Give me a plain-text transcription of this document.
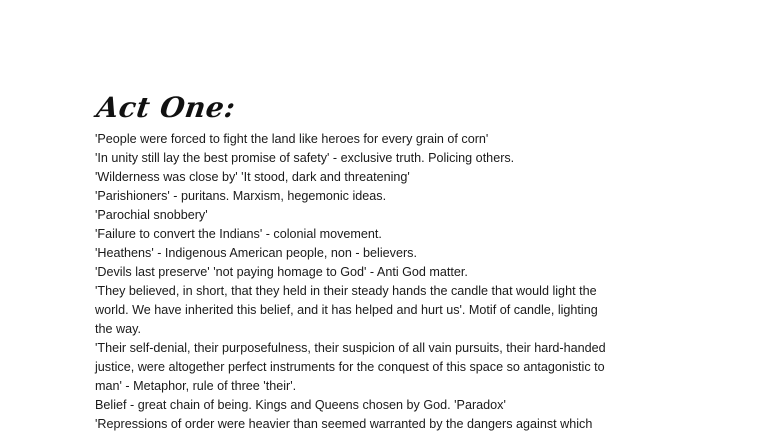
Act One:
'People were forced to fight the land like heroes for every grain of corn'
'In unity still lay the best promise of safety' - exclusive truth. Policing others.
'Wilderness was close by' 'It stood, dark and threatening'
'Parishioners' - puritans. Marxism, hegemonic ideas.
'Parochial snobbery'
'Failure to convert the Indians' - colonial movement.
'Heathens' - Indigenous American people, non - believers.
'Devils last preserve' 'not paying homage to God' - Anti God matter.
'They believed, in short, that they held in their steady hands the candle that would light the
world. We have inherited this belief, and it has helped and hurt us'. Motif of candle, lighting
the way.
'Their self-denial, their purposefulness, their suspicion of all vain pursuits, their hard-handed
justice, were altogether perfect instruments for the conquest of this space so antagonistic to
man' - Metaphor, rule of three 'their'.
Belief - great chain of being. Kings and Queens chosen by God. 'Paradox'
'Repressions of order were heavier than seemed warranted by the dangers against which
